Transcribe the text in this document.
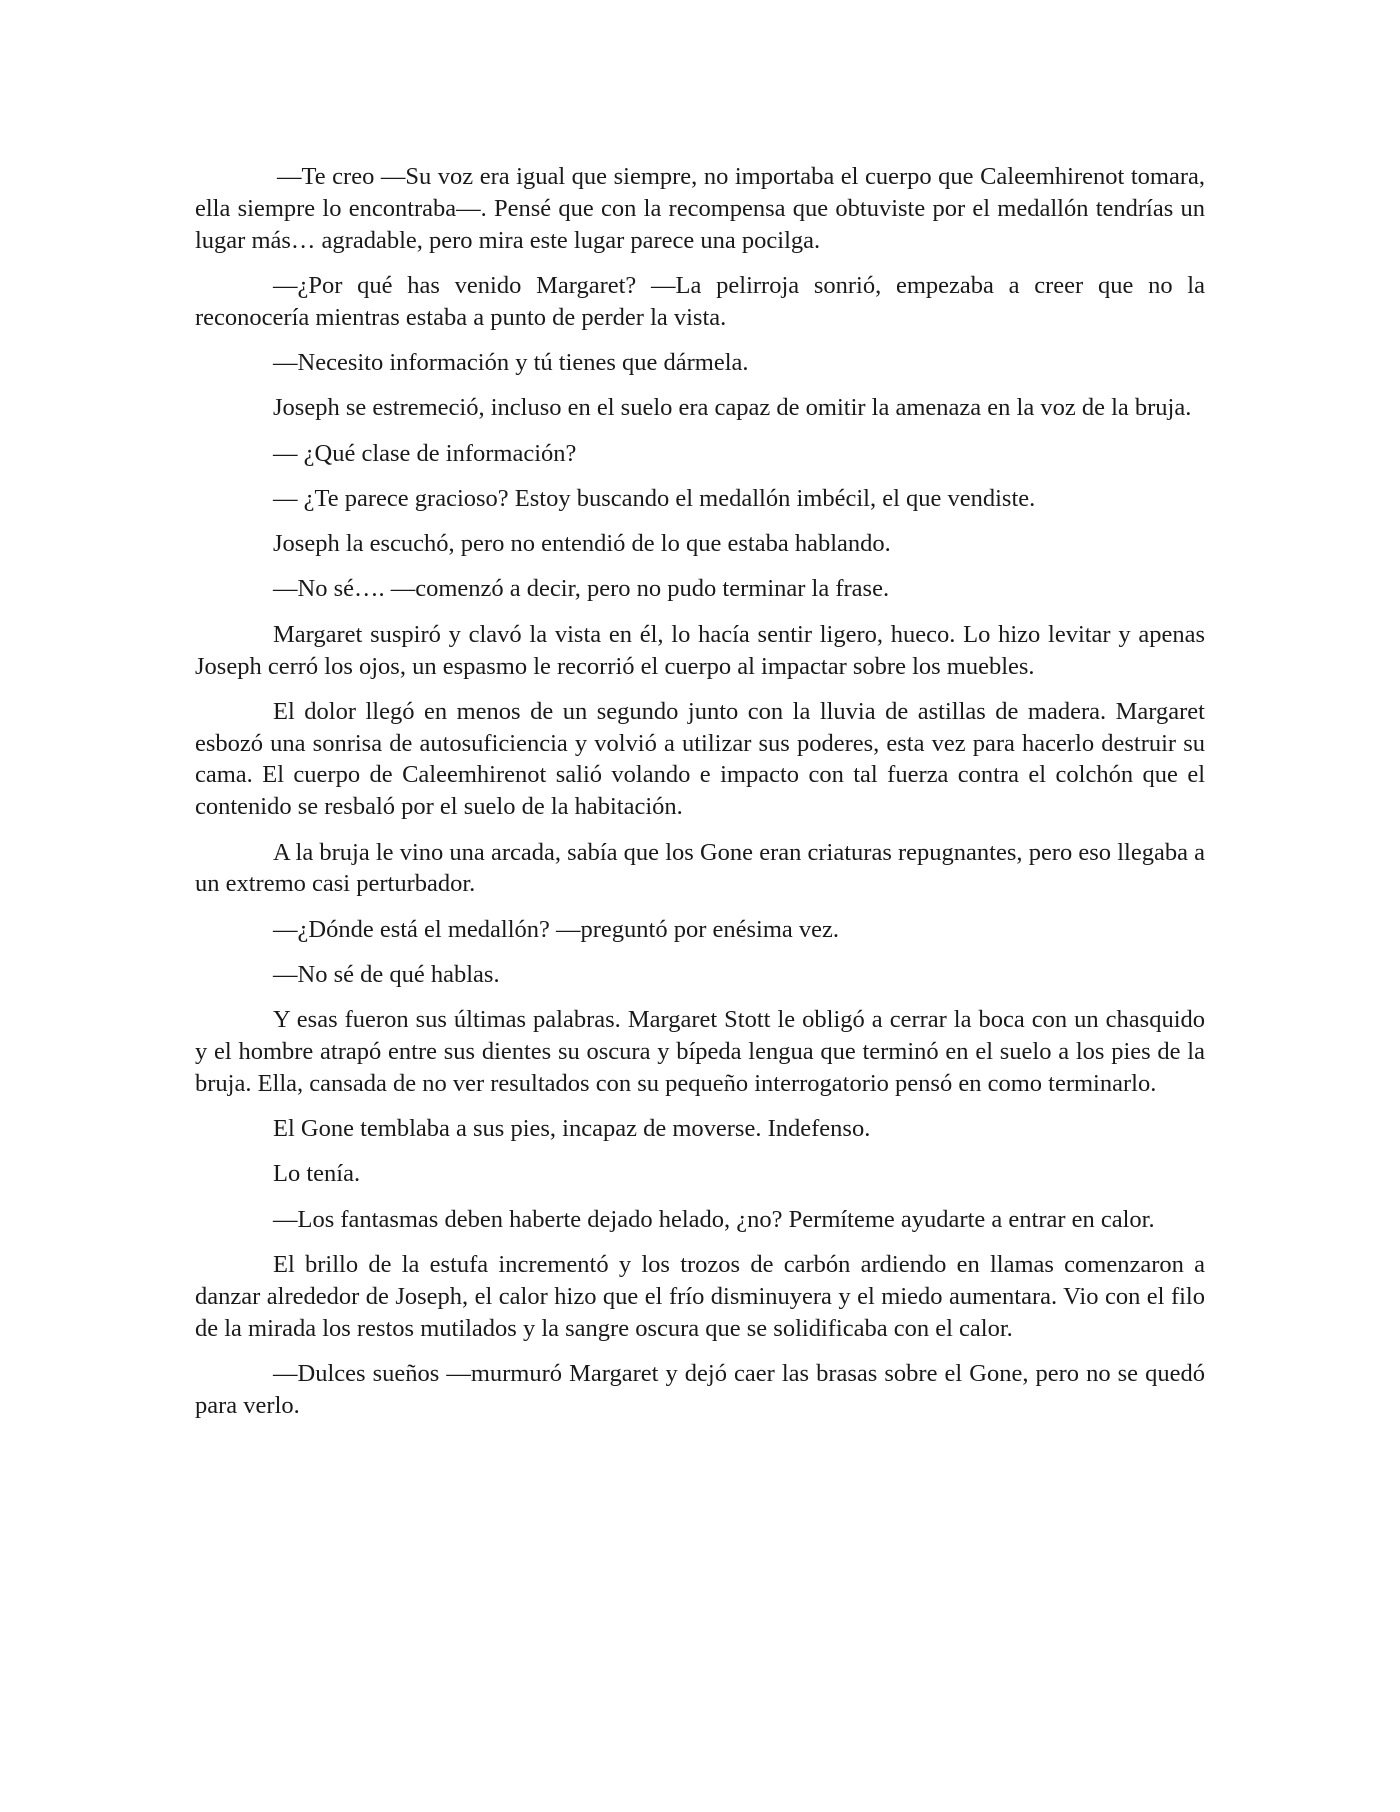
—Te creo —Su voz era igual que siempre, no importaba el cuerpo que Caleemhirenot tomara, ella siempre lo encontraba—. Pensé que con la recompensa que obtuviste por el medallón tendrías un lugar más… agradable, pero mira este lugar parece una pocilga.

—¿Por qué has venido Margaret? —La pelirroja sonrió, empezaba a creer que no la reconocería mientras estaba a punto de perder la vista.

—Necesito información y tú tienes que dármela.

Joseph se estremeció, incluso en el suelo era capaz de omitir la amenaza en la voz de la bruja.

— ¿Qué clase de información?

— ¿Te parece gracioso? Estoy buscando el medallón imbécil, el que vendiste.

Joseph la escuchó, pero no entendió de lo que estaba hablando.

—No sé…. —comenzó a decir, pero no pudo terminar la frase.

Margaret suspiró y clavó la vista en él, lo hacía sentir ligero, hueco. Lo hizo levitar y apenas Joseph cerró los ojos, un espasmo le recorrió el cuerpo al impactar sobre los muebles.

El dolor llegó en menos de un segundo junto con la lluvia de astillas de madera. Margaret esbozó una sonrisa de autosuficiencia y volvió a utilizar sus poderes, esta vez para hacerlo destruir su cama. El cuerpo de Caleemhirenot salió volando e impacto con tal fuerza contra el colchón que el contenido se resbaló por el suelo de la habitación.

A la bruja le vino una arcada, sabía que los Gone eran criaturas repugnantes, pero eso llegaba a un extremo casi perturbador.

—¿Dónde está el medallón? —preguntó por enésima vez.

—No sé de qué hablas.

Y esas fueron sus últimas palabras. Margaret Stott le obligó a cerrar la boca con un chasquido y el hombre atrapó entre sus dientes su oscura y bípeda lengua que terminó en el suelo a los pies de la bruja. Ella, cansada de no ver resultados con su pequeño interrogatorio pensó en como terminarlo.

El Gone temblaba a sus pies, incapaz de moverse. Indefenso.

Lo tenía.

—Los fantasmas deben haberte dejado helado, ¿no? Permíteme ayudarte a entrar en calor.

El brillo de la estufa incrementó y los trozos de carbón ardiendo en llamas comenzaron a danzar alrededor de Joseph, el calor hizo que el frío disminuyera y el miedo aumentara. Vio con el filo de la mirada los restos mutilados y la sangre oscura que se solidificaba con el calor.

—Dulces sueños —murmuró Margaret y dejó caer las brasas sobre el Gone, pero no se quedó para verlo.
